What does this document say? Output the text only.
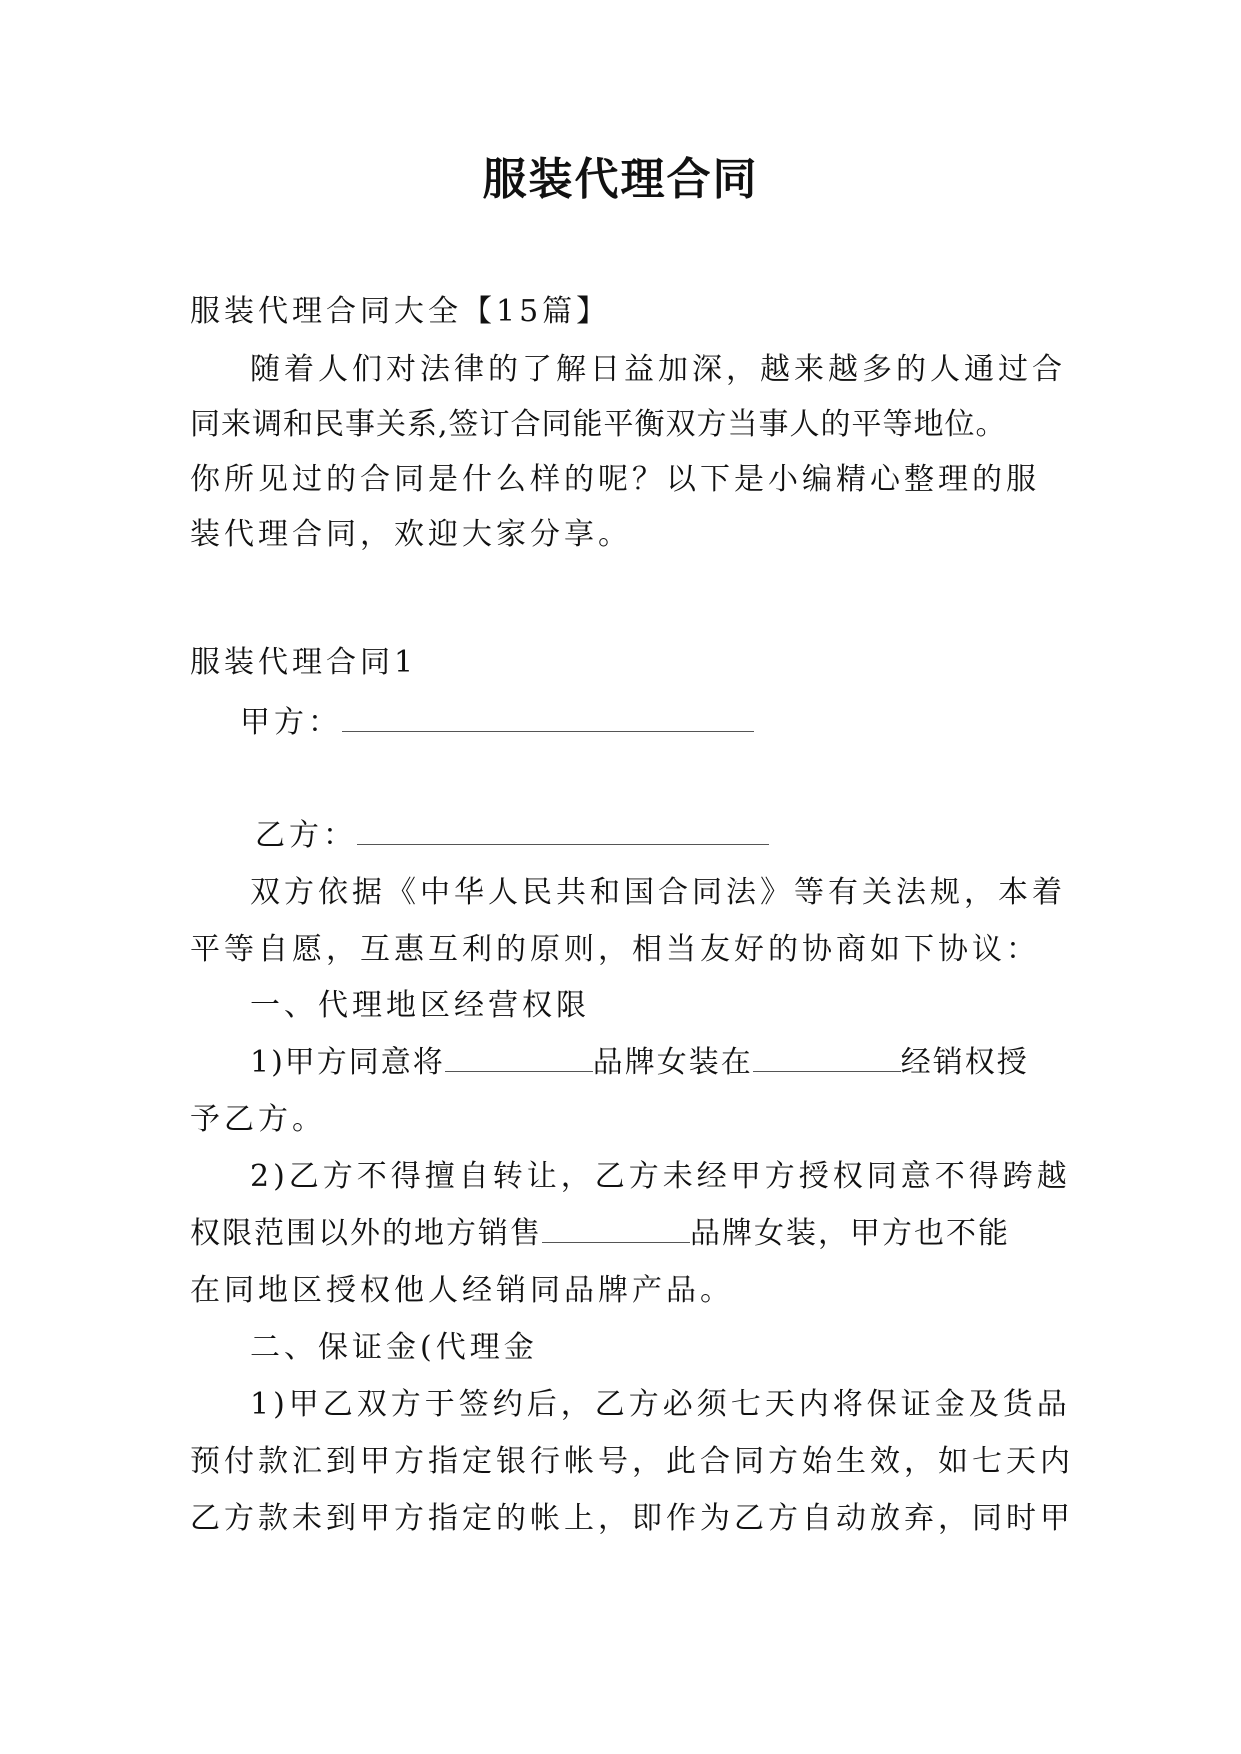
服装代理合同

服装代理合同大全【15篇】

随着人们对法律的了解日益加深，越来越多的人通过合

同来调和民事关系,签订合同能平衡双方当事人的平等地位。

你所见过的合同是什么样的呢？以下是小编精心整理的服

装代理合同，欢迎大家分享。

服装代理合同1

甲方：

乙方：

双方依据《中华人民共和国合同法》等有关法规，本着

平等自愿，互惠互利的原则，相当友好的协商如下协议：

一、代理地区经营权限

1)甲方同意将	品牌女装在	经销权授

予乙方。

2)乙方不得擅自转让，乙方未经甲方授权同意不得跨越

权限范围以外的地方销售	品牌女装，甲方也不能

在同地区授权他人经销同品牌产品。

二、保证金(代理金

1)甲乙双方于签约后，乙方必须七天内将保证金及货品

预付款汇到甲方指定银行帐号，此合同方始生效，如七天内

乙方款未到甲方指定的帐上，即作为乙方自动放弃，同时甲
